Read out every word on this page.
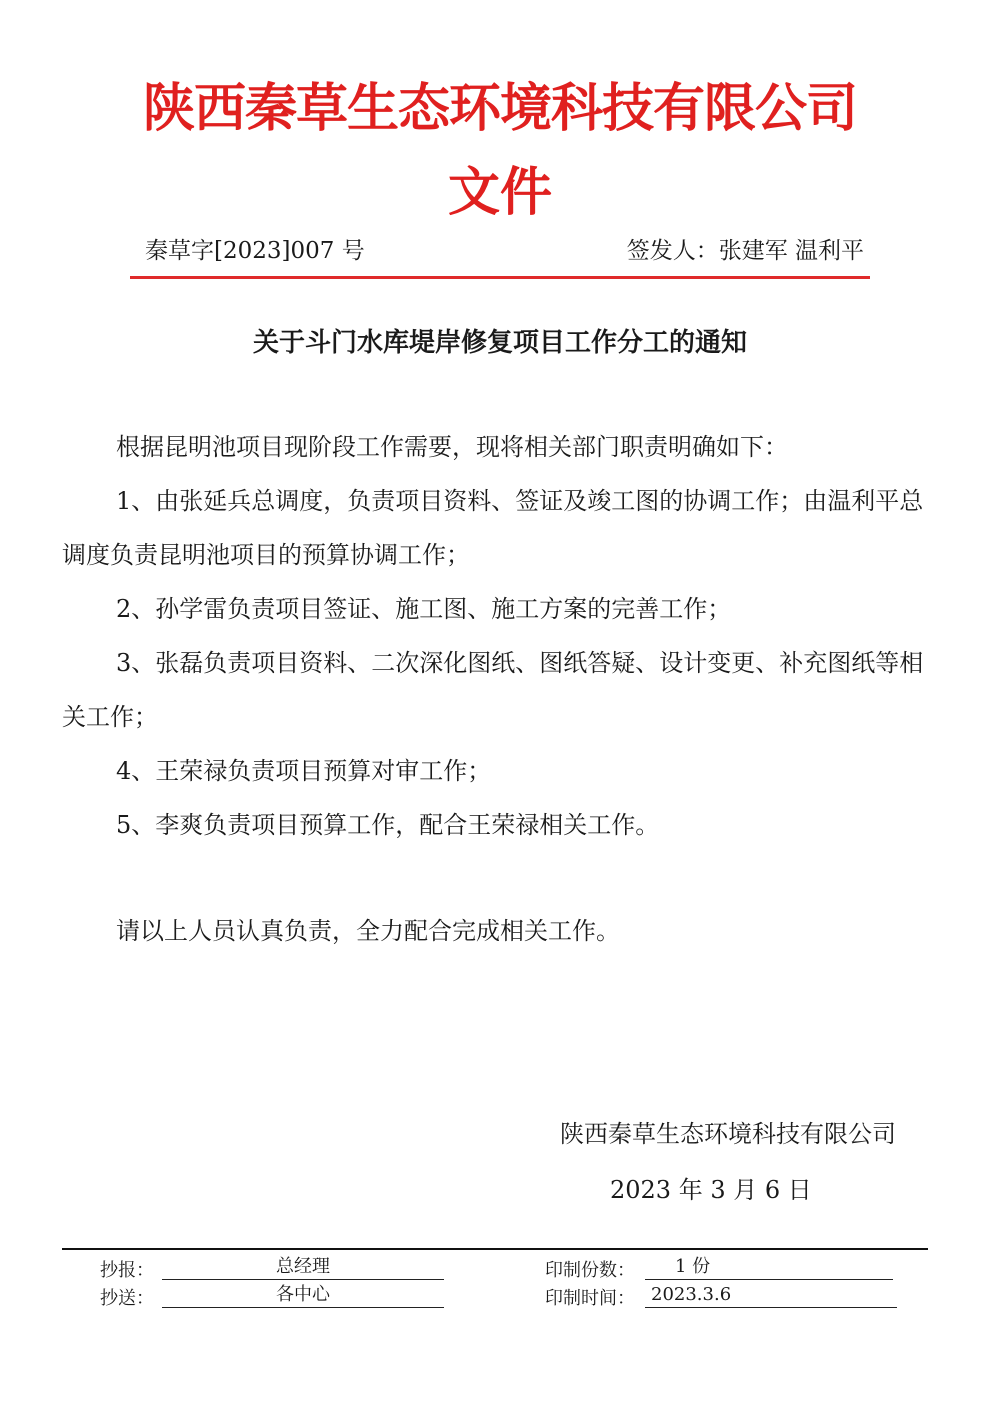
陕西秦草生态环境科技有限公司
文件
秦草字[2023]007 号	签发人：张建军 温利平
关于斗门水库堤岸修复项目工作分工的通知
根据昆明池项目现阶段工作需要，现将相关部门职责明确如下：
1、由张延兵总调度，负责项目资料、签证及竣工图的协调工作；由温利平总调度负责昆明池项目的预算协调工作；
2、孙学雷负责项目签证、施工图、施工方案的完善工作；
3、张磊负责项目资料、二次深化图纸、图纸答疑、设计变更、补充图纸等相关工作；
4、王荣禄负责项目预算对审工作；
5、李爽负责项目预算工作，配合王荣禄相关工作。
请以上人员认真负责，全力配合完成相关工作。
陕西秦草生态环境科技有限公司
2023 年 3 月 6 日
抄报：	总经理
抄送：	各中心
印制份数：	1 份
印制时间： 2023.3.6
